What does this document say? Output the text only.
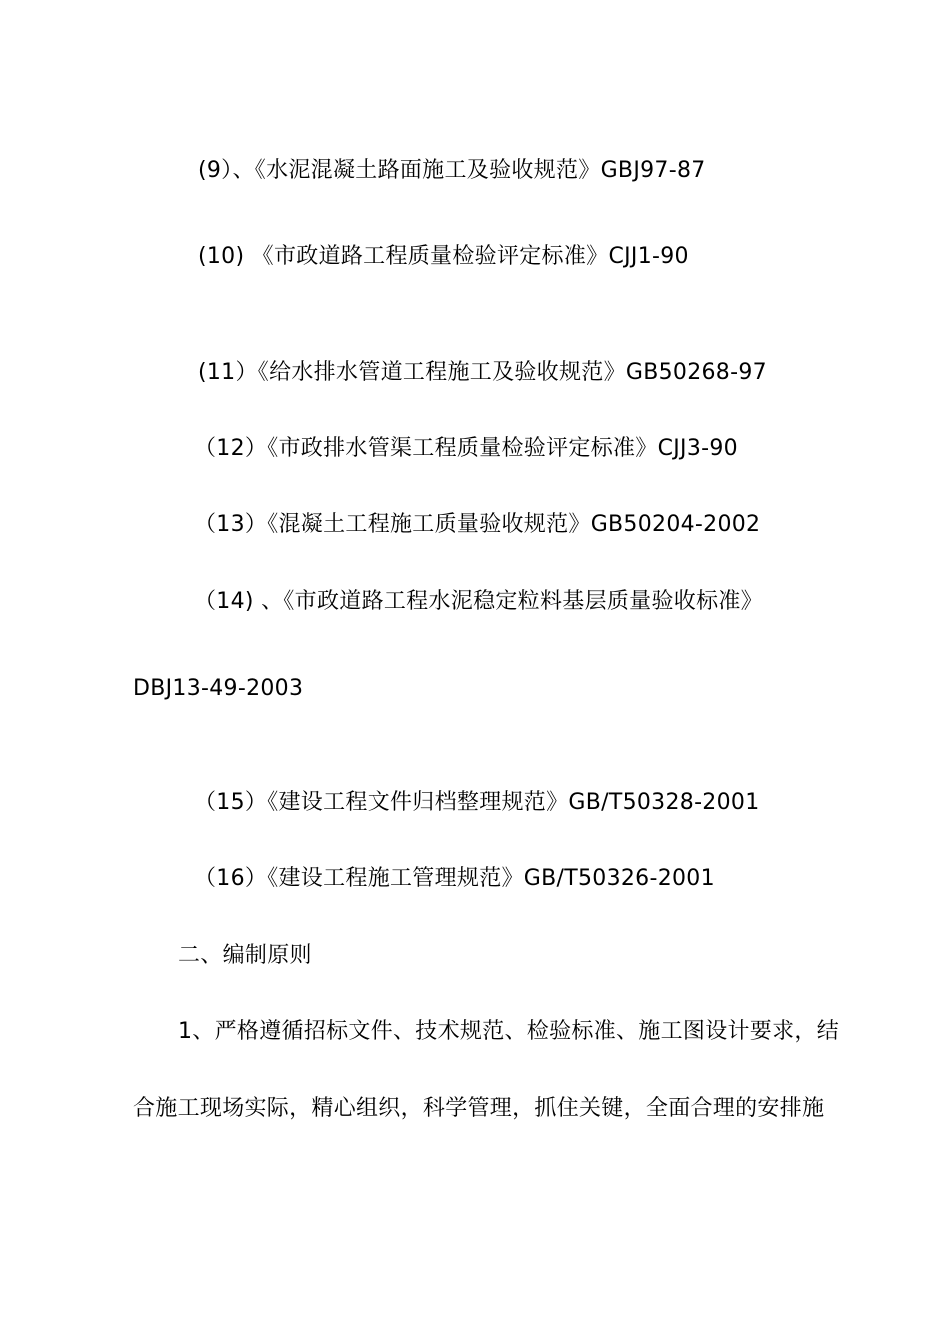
(9）、《水泥混凝土路面施工及验收规范》GBJ97-87
(10) 《市政道路工程质量检验评定标准》CJJ1-90
(11）《给水排水管道工程施工及验收规范》GB50268-97
（12）《市政排水管渠工程质量检验评定标准》CJJ3-90
（13）《混凝土工程施工质量验收规范》GB50204-2002
（14) 、《市政道路工程水泥稳定粒料基层质量验收标准》
DBJ13-49-2003
（15）《建设工程文件归档整理规范》GB/T50328-2001
（16）《建设工程施工管理规范》GB/T50326-2001
二、编制原则
1、严格遵循招标文件、技术规范、检验标准、施工图设计要求，结
合施工现场实际，精心组织，科学管理，抓住关键，全面合理的安排施
